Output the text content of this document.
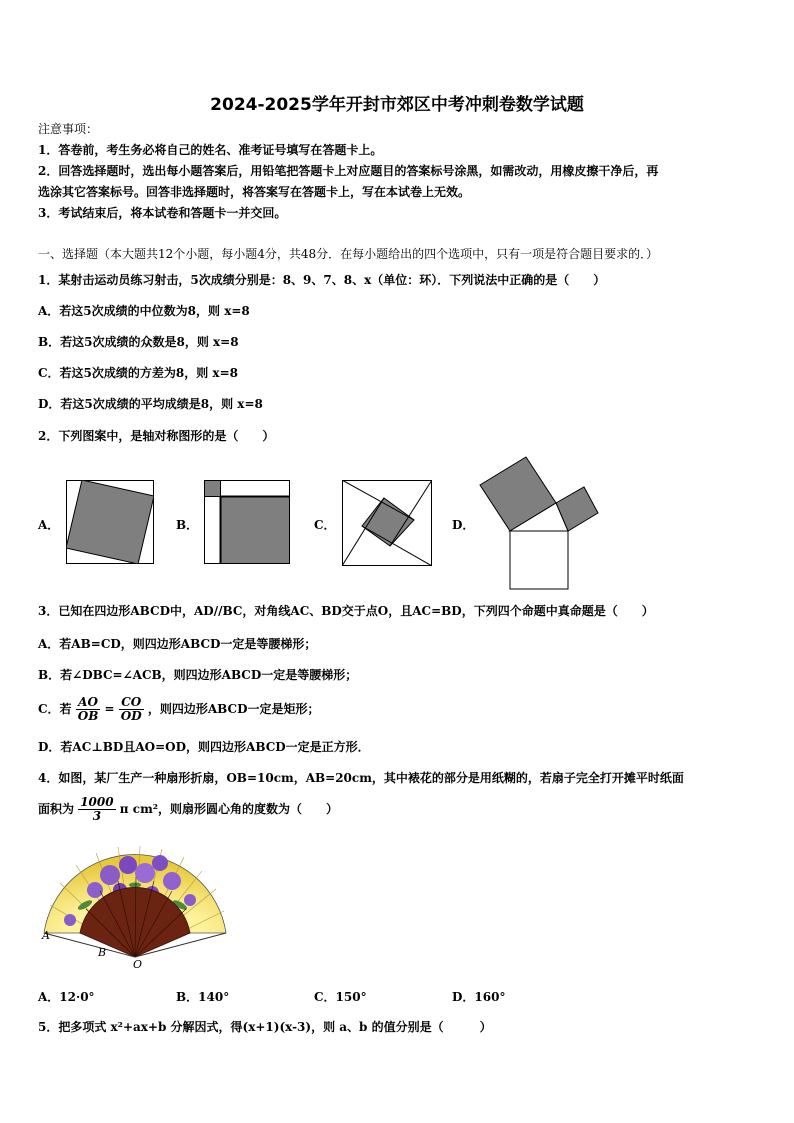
2024-2025学年开封市郊区中考冲刺卷数学试题
注意事项：
1．答卷前，考生务必将自己的姓名、准考证号填写在答题卡上。
2．回答选择题时，选出每小题答案后，用铅笔把答题卡上对应题目的答案标号涂黑，如需改动，用橡皮擦干净后，再
选涂其它答案标号。回答非选择题时，将答案写在答题卡上，写在本试卷上无效。
3．考试结束后，将本试卷和答题卡一并交回。
一、选择题（本大题共12个小题，每小题4分，共48分．在每小题给出的四个选项中，只有一项是符合题目要求的．）
1．某射击运动员练习射击，5次成绩分别是：8、9、7、8、x（单位：环）．下列说法中正确的是（　　）
A．若这5次成绩的中位数为8，则 x=8
B．若这5次成绩的众数是8，则 x=8
C．若这5次成绩的方差为8，则 x=8
D．若这5次成绩的平均成绩是8，则 x=8
2．下列图案中，是轴对称图形的是（　　）
A．	B．	C．	D．
3．已知在四边形ABCD中，AD//BC，对角线AC、BD交于点O，且AC=BD，下列四个命题中真命题是（　　）
A．若AB=CD，则四边形ABCD一定是等腰梯形；
B．若∠DBC=∠ACB，则四边形ABCD一定是等腰梯形；
C．若 $\frac{AO}{OB} = \frac{CO}{OD}$ ，则四边形ABCD一定是矩形；
D．若AC⊥BD且AO=OD，则四边形ABCD一定是正方形．
4．如图，某厂生产一种扇形折扇，OB=10cm，AB=20cm，其中裱花的部分是用纸糊的，若扇子完全打开摊平时纸面
面积为 $\frac{1000}{3}$ π cm²，则扇形圆心角的度数为（　　）
A
B
O
A．12·0°	B．140°	C．150°	D．160°
5．把多项式 x²+ax+b 分解因式，得(x+1)(x-3)，则 a、b 的值分别是（　　　）
